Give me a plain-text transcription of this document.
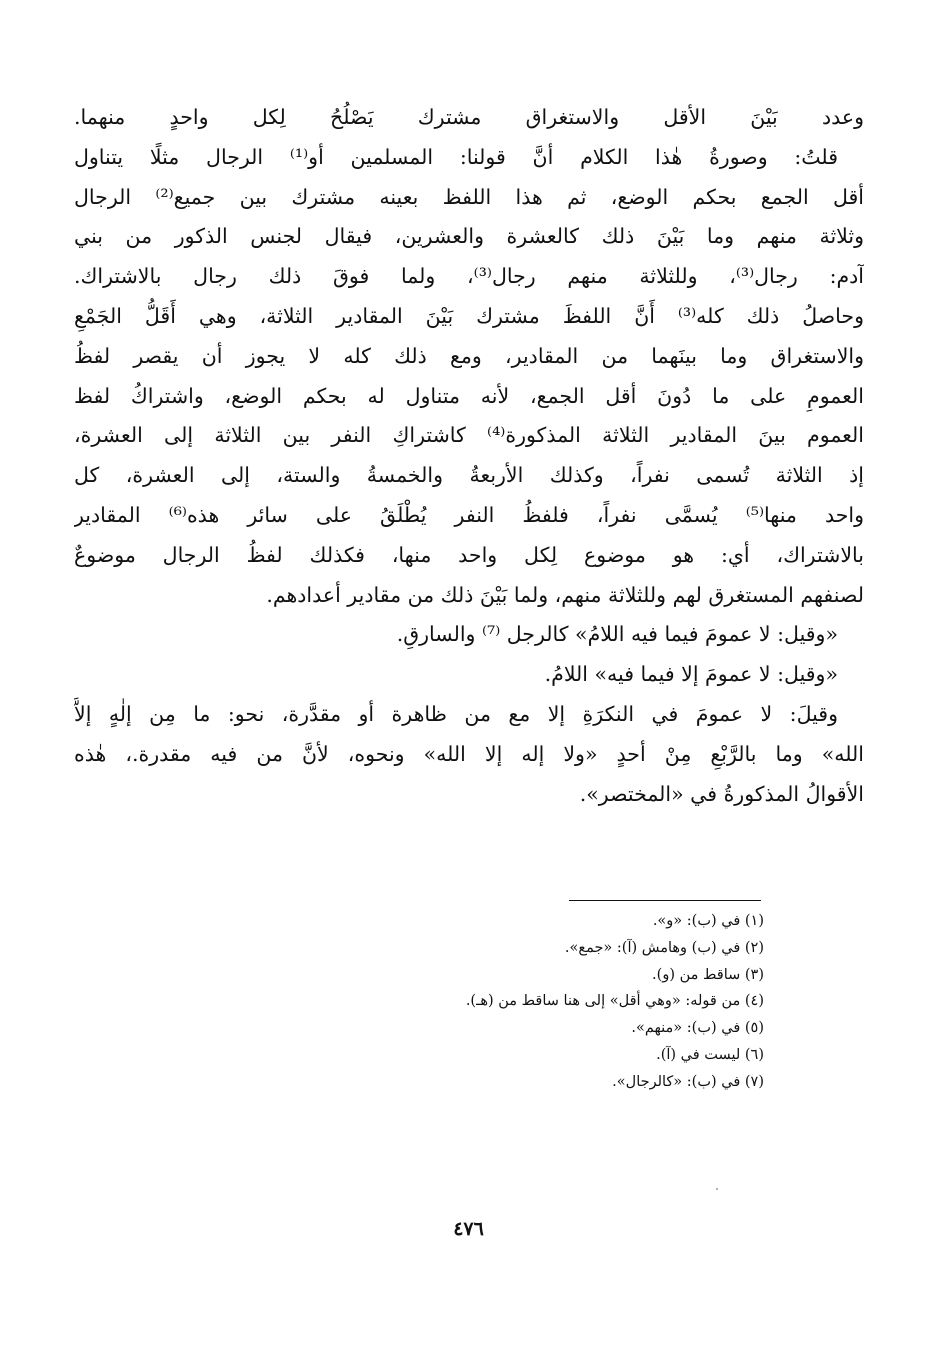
وعدد بَيْنَ الأقل والاستغراق مشترك يَصْلُحُ لِكل واحدٍ منهما.
قلتُ: وصورةُ هٰذا الكلام أنَّ قولنا: المسلمين أو⁽¹⁾ الرجال مثلًا يتناول
أقل الجمع بحكم الوضع، ثم هذا اللفظ بعينه مشترك بين جميع⁽²⁾ الرجال
وثلاثة منهم وما بَيْنَ ذلك كالعشرة والعشرين، فيقال لجنس الذكور من بني
آدم: رجال⁽³⁾، وللثلاثة منهم رجال⁽³⁾، ولما فوقَ ذلك رجال بالاشتراك.
وحاصلُ ذلك كله⁽³⁾ أَنَّ اللفظَ مشترك بَيْنَ المقادير الثلاثة، وهي أَقَلُّ الجَمْعِ
والاستغراق وما بينَهما من المقادير، ومع ذلك كله لا يجوز أن يقصر لفظُ
العمومِ على ما دُونَ أقل الجمع، لأنه متناول له بحكم الوضع، واشتراكُ لفظ
العموم بينَ المقادير الثلاثة المذكورة⁽⁴⁾ كاشتراكِ النفر بين الثلاثة إلى العشرة،
إذ الثلاثة تُسمى نفراً، وكذلك الأربعةُ والخمسةُ والستة، إلى العشرة، كل
واحد منها⁽⁵⁾ يُسمَّى نفراً، فلفظُ النفر يُطْلَقُ على سائر هذه⁽⁶⁾ المقادير
بالاشتراك، أي: هو موضوع لِكل واحد منها، فكذلك لفظُ الرجال موضوعٌ
لصنفهم المستغرق لهم وللثلاثة منهم، ولما بَيْنَ ذلك من مقادير أعدادهم.
«وقيل: لا عمومَ فيما فيه اللامُ» كالرجل ⁽⁷⁾ والسارقِ.
«وقيل: لا عمومَ إلا فيما فيه» اللامُ.
وقيلَ: لا عمومَ في النكرَةِ إلا مع من ظاهرة أو مقدَّرة، نحو: ما مِن إلٰهٍ إلاَّ
الله» وما بالرَّبْعِ مِنْ أحدٍ «ولا إله إلا الله» ونحوه، لأنَّ من فيه مقدرة.، هٰذه
الأقوالُ المذكورةُ في «المختصر».
(١) في (ب): «و».
(٢) في (ب) وهامش (آ): «جمع».
(٣) ساقط من (و).
(٤) من قوله: «وهي أقل» إلى هنا ساقط من (هـ).
(٥) في (ب): «منهم».
(٦) ليست في (آ).
(٧) في (ب): «كالرجال».
٤٧٦
